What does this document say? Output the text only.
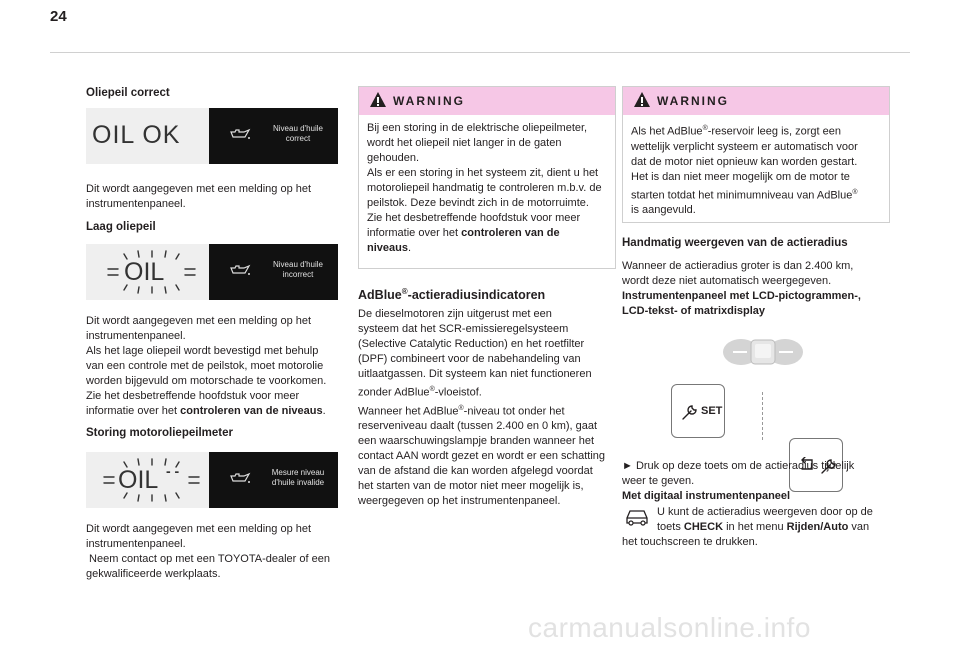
24
Oliepeil correct
OIL OK	Niveau d'huile
correct
Dit wordt aangegeven met een melding op het
instrumentenpaneel.
Laag oliepeil
OIL	Niveau d'huile
incorrect
Dit wordt aangegeven met een melding op het
instrumentenpaneel.
Als het lage oliepeil wordt bevestigd met behulp
van een controle met de peilstok, moet motorolie
worden bijgevuld om motorschade te voorkomen.
Zie het desbetreffende hoofdstuk voor meer
informatie over het controleren van de niveaus.
Storing motoroliepeilmeter
OIL - -	Mesure niveau
d'huile invalide
Dit wordt aangegeven met een melding op het
instrumentenpaneel.
Neem contact op met een TOYOTA-dealer of een
gekwalificeerde werkplaats.
WARNING
Bij een storing in de elektrische oliepeilmeter,
wordt het oliepeil niet langer in de gaten
gehouden.
Als er een storing in het systeem zit, dient u het
motoroliepeil handmatig te controleren m.b.v. de
peilstok. Deze bevindt zich in de motorruimte.
Zie het desbetreffende hoofdstuk voor meer
informatie over het controleren van de
niveaus.
AdBlue®-actieradiusindicatoren
De dieselmotoren zijn uitgerust met een
systeem dat het SCR-emissieregelsysteem
(Selective Catalytic Reduction) en het roetfilter
(DPF) combineert voor de nabehandeling van
uitlaatgassen. Dit systeem kan niet functioneren
zonder AdBlue®-vloeistof.
Wanneer het AdBlue®-niveau tot onder het
reserveniveau daalt (tussen 2.400 en 0 km), gaat
een waarschuwingslampje branden wanneer het
contact AAN wordt gezet en wordt er een schatting
van de afstand die kan worden afgelegd voordat
het starten van de motor niet meer mogelijk is,
weergegeven op het instrumentenpaneel.
WARNING
Als het AdBlue®-reservoir leeg is, zorgt een
wettelijk verplicht systeem er automatisch voor
dat de motor niet opnieuw kan worden gestart.
Het is dan niet meer mogelijk om de motor te
starten totdat het minimumniveau van AdBlue®
is aangevuld.
Handmatig weergeven van de actieradius
Wanneer de actieradius groter is dan 2.400 km,
wordt deze niet automatisch weergegeven.
Instrumentenpaneel met LCD-pictogrammen-,
LCD-tekst- of matrixdisplay
SET
► Druk op deze toets om de actieradius tijdelijk
weer te geven.
Met digitaal instrumentenpaneel
U kunt de actieradius weergeven door op de
toets CHECK in het menu Rijden/Auto van
het touchscreen te drukken.
carmanualsonline.info
